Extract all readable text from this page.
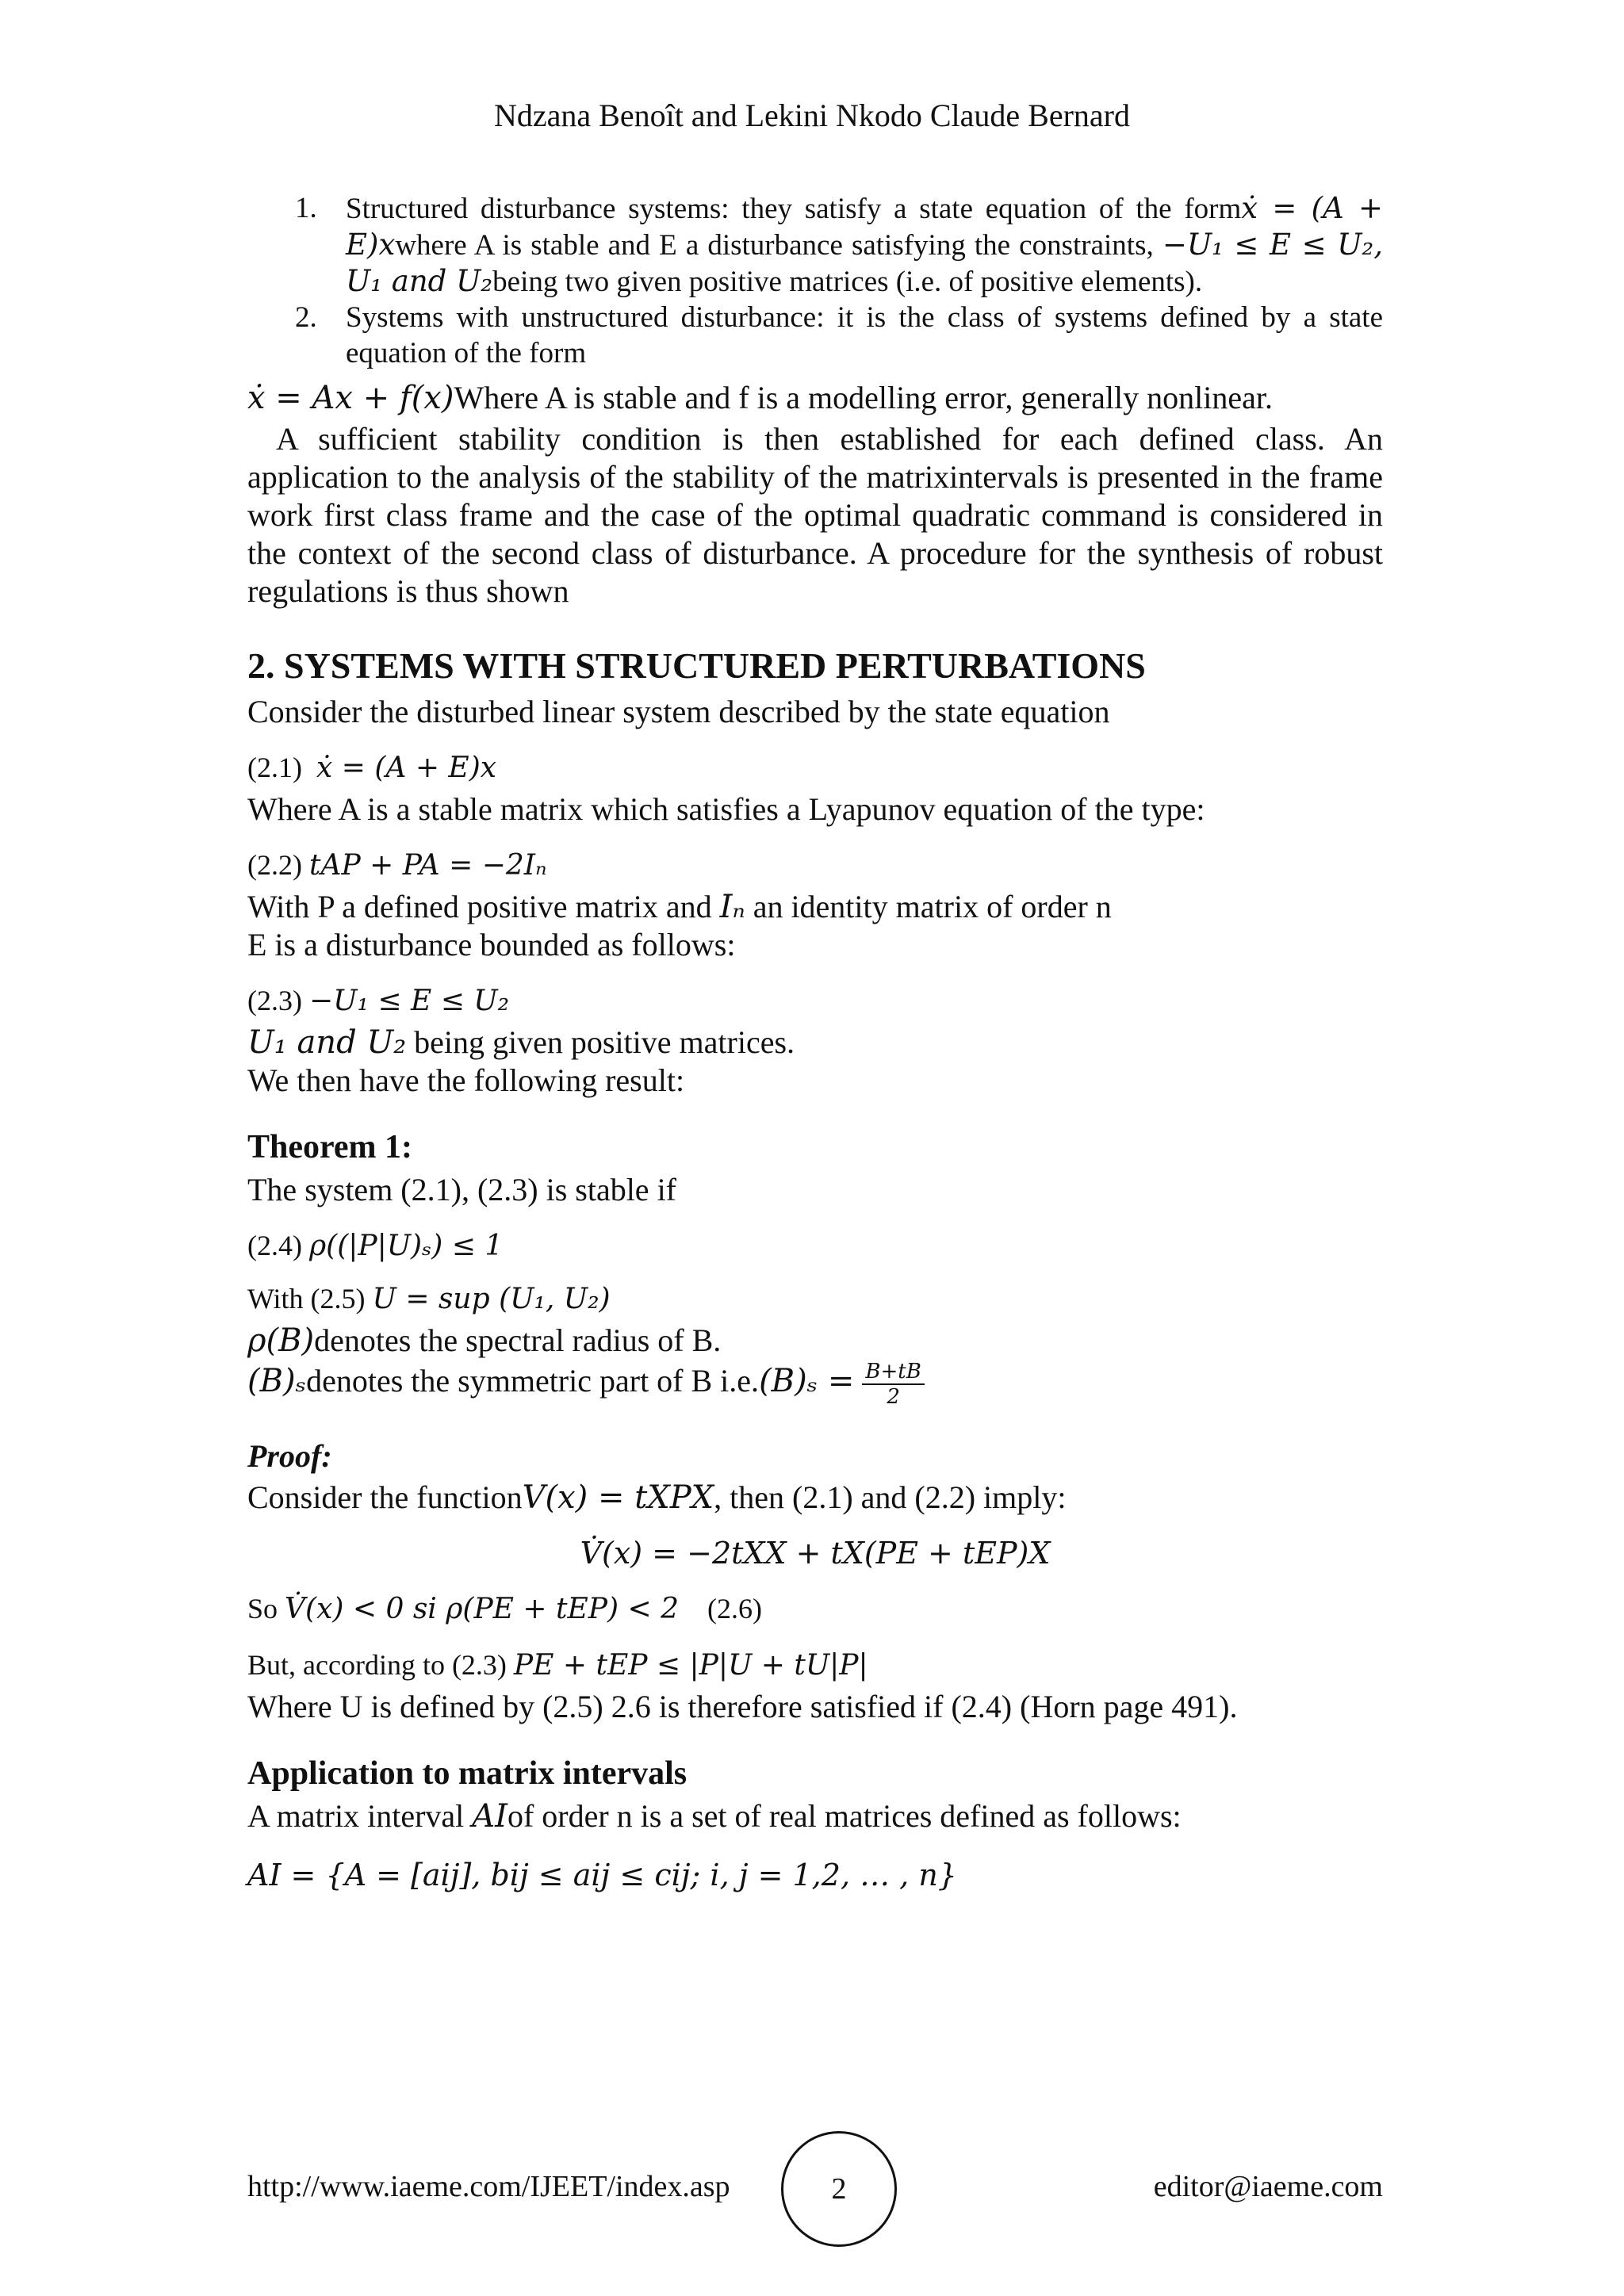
Ndzana Benoît and Lekini Nkodo Claude Bernard
1. Structured disturbance systems: they satisfy a state equation of the formẋ = (A + E)xwhere A is stable and E a disturbance satisfying the constraints, −U₁ ≤ E ≤ U₂, U₁ and U₂being two given positive matrices (i.e. of positive elements).
2. Systems with unstructured disturbance: it is the class of systems defined by a state equation of the form

ẋ = Ax + f(x)Where A is stable and f is a modelling error, generally nonlinear.

A sufficient stability condition is then established for each defined class. An application to the analysis of the stability of the matrixintervals is presented in the frame work first class frame and the case of the optimal quadratic command is considered in the context of the second class of disturbance. A procedure for the synthesis of robust regulations is thus shown

2. SYSTEMS WITH STRUCTURED PERTURBATIONS

Consider the disturbed linear system described by the state equation

(2.1) ẋ = (A + E)x

Where A is a stable matrix which satisfies a Lyapunov equation of the type:

(2.2) tAP + PA = −2Iₙ

With P a defined positive matrix and Iₙ an identity matrix of order n

E is a disturbance bounded as follows:

(2.3) −U₁ ≤ E ≤ U₂

U₁ and U₂ being given positive matrices.

We then have the following result:

Theorem 1:

The system (2.1), (2.3) is stable if

(2.4) ρ((|P|U)ₛ) ≤ 1

With (2.5) U = sup (U₁, U₂)

ρ(B)denotes the spectral radius of B.

(B)ₛdenotes the symmetric part of B $i.e.(B)_s = \frac{B+tB}{2}$

Proof:

Consider the functionV(x) = tXPX, then (2.1) and (2.2) imply:

V̇(x) = −2tXX + tX(PE + tEP)X

So V̇(x) < 0 si ρ(PE + tEP) < 2 (2.6)

But, according to (2.3) PE + tEP ≤ |P|U + tU|P|

Where U is defined by (2.5) 2.6 is therefore satisfied if (2.4) (Horn page 491).

Application to matrix intervals

A matrix interval AIof order n is a set of real matrices defined as follows:

AI = {A = [aij], bij ≤ aij ≤ cij; i, j = 1,2, … , n}

http://www.iaeme.com/IJEET/index.asp	2	editor@iaeme.com
